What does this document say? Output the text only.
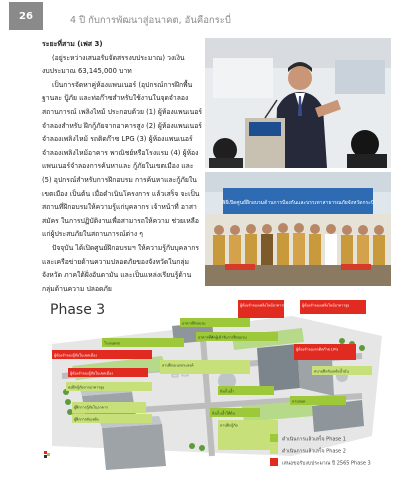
26	4 ปี กับการพัฒนาสู่อนาคต, อันคือกระบี่

ระยะที่สาม (เฟส 3)

(อยู่ระหว่างเสนอรับจัดสรรงบประมาณ) วงเงิน

งบประมาณ 63,145,000 บาท

เป็นการจัดหาคู่ห้องแพนเนอร์ (อุปกรณ์การฝึกพื้นฐานละ ปู้ภัย และท่อก๊าซสำหรับใช้งานในจุดจำลองสถานการณ์ เพลิงไหม้ ประกอบด้วย (1) ผู้ห้องแพนเนอร์จำลองสำหรับ ฝึกกู้ภัยจากอาคารสูง (2) ผู้ห้องแพนเนอร์จำลองเพลิงไหม้ รถติดก๊าซ LPG (3) ผู้ห้องแพนเนอร์จำลองเพลิงไหม้อาคาร พาณิชย์หรือโรงแรม (4) ผู้ห้องแพนเนอร์จำลองการค้นหาและ กู้ภัยในเขตเมือง และ (5) อุปกรณ์สำหรับการฝึกอบรม การค้นหาและกู้ภัยในเขตเมือง เป็นต้น เมื่อดำเนินโครงการ แล้วเสร็จ จะเป็นสถานที่ฝึกอบรมให้ความรู้แก่บุคลากร เจ้าหน้าที่ อาสาสมัคร ในการปฏิบัติงานเพื่อสามารถให้ความ ช่วยเหลือแก่ผู้ประสบภัยในสถานการณ์ต่าง ๆ

ปัจจุบัน ได้เปิดศูนย์ฝึกอบรมฯ ให้ความรู้กับบุคลากร และเครือข่ายด้านความปลอดภัยของจังหวัดในกลุ่มจังหวัด ภาคใต้ฝั่งอันดามัน และเป็นแหล่งเรียนรู้ด้านกลุ่มด้านความ ปลอดภัย

พิธีเปิดศูนย์ฝึกอบรมด้านการป้องกันและบรรเทาสาธารณภัยจังหวัดกระบี่
Phase 3	ผู้ห้องจำลองเพลิงไหม้อาคารพาณิชย์ ผู้ห้องจำลองเพลิงไหม้อาคารสูง
อาคารฝึกอบรม
อาคารที่พักผู้เข้ารับการฝึกอบรม
โรงจอดรถ
ผู้ห้องจำลองรถติดก๊าซ LPG
ผู้ห้องจำลองกู้ภัยในเขตเมือง
ลานฝึกอเนกประสงค์
ผู้ห้องจำลองกู้ภัยในเขตเมือง	สนามฝึกดับเพลิงน้ำมัน
หอฝึกกู้ภัยจากอาคารสูง
ถังเก็บน้ำ
ลานจอด
ถังเก็บน้ำใต้ดิน
ผู้ฝึกการกู้ภัยในอาคาร
ผู้ฝึกการดับเพลิง
ลานฝึกกู้ภัย
ดำเนินการแล้วเสร็จ Phase 1
ดำเนินการแล้วเสร็จ Phase 2
เสนอขอรับงบประมาณ ปี 2565 Phase 3
